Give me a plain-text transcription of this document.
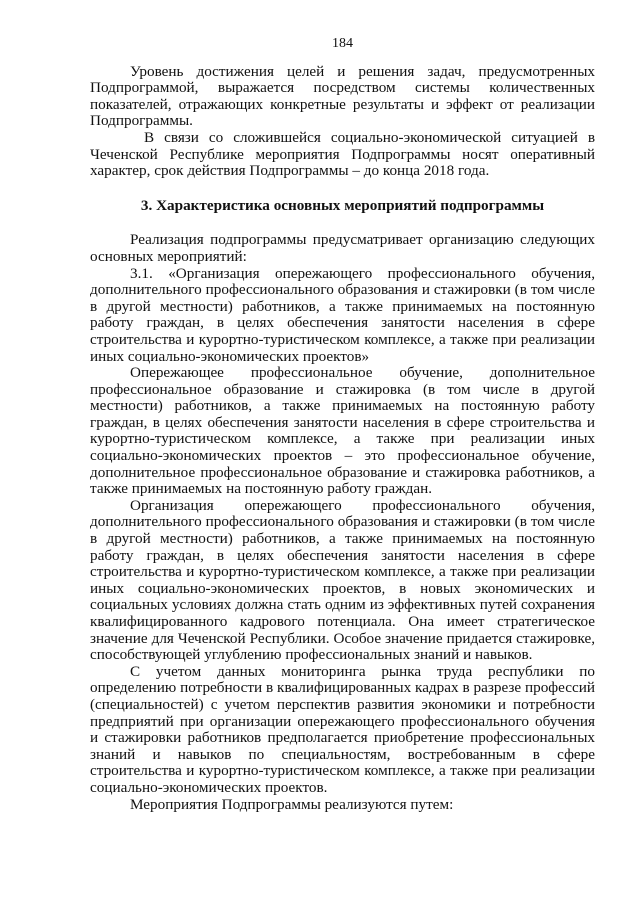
184

Уровень достижения целей и решения задач, предусмотренных Подпрограммой, выражается посредством системы количественных показателей, отражающих конкретные результаты и эффект от реализации Подпрограммы.

В связи со сложившейся социально-экономической ситуацией в Чеченской Республике мероприятия Подпрограммы носят оперативный характер, срок действия Подпрограммы – до конца 2018 года.

3. Характеристика основных мероприятий подпрограммы

Реализация подпрограммы предусматривает организацию следующих основных мероприятий:

3.1. «Организация опережающего профессионального обучения, дополнительного профессионального образования и стажировки (в том числе в другой местности) работников, а также принимаемых на постоянную работу граждан, в целях обеспечения занятости населения в сфере строительства и курортно-туристическом комплексе, а также при реализации иных социально-экономических проектов»

Опережающее профессиональное обучение, дополнительное профессиональное образование и стажировка (в том числе в другой местности) работников, а также принимаемых на постоянную работу граждан, в целях обеспечения занятости населения в сфере строительства и курортно-туристическом комплексе, а также при реализации иных социально-экономических проектов – это профессиональное обучение, дополнительное профессиональное образование и стажировка работников, а также принимаемых на постоянную работу граждан.

Организация опережающего профессионального обучения, дополнительного профессионального образования и стажировки (в том числе в другой местности) работников, а также принимаемых на постоянную работу граждан, в целях обеспечения занятости населения в сфере строительства и курортно-туристическом комплексе, а также при реализации иных социально-экономических проектов, в новых экономических и социальных условиях должна стать одним из эффективных путей сохранения квалифицированного кадрового потенциала. Она имеет стратегическое значение для Чеченской Республики. Особое значение придается стажировке, способствующей углублению профессиональных знаний и навыков.

С учетом данных мониторинга рынка труда республики по определению потребности в квалифицированных кадрах в разрезе профессий (специальностей) с учетом перспектив развития экономики и потребности предприятий при организации опережающего профессионального обучения и стажировки работников предполагается приобретение профессиональных знаний и навыков по специальностям, востребованным в сфере строительства и курортно-туристическом комплексе, а также при реализации социально-экономических проектов.

Мероприятия Подпрограммы реализуются путем:
